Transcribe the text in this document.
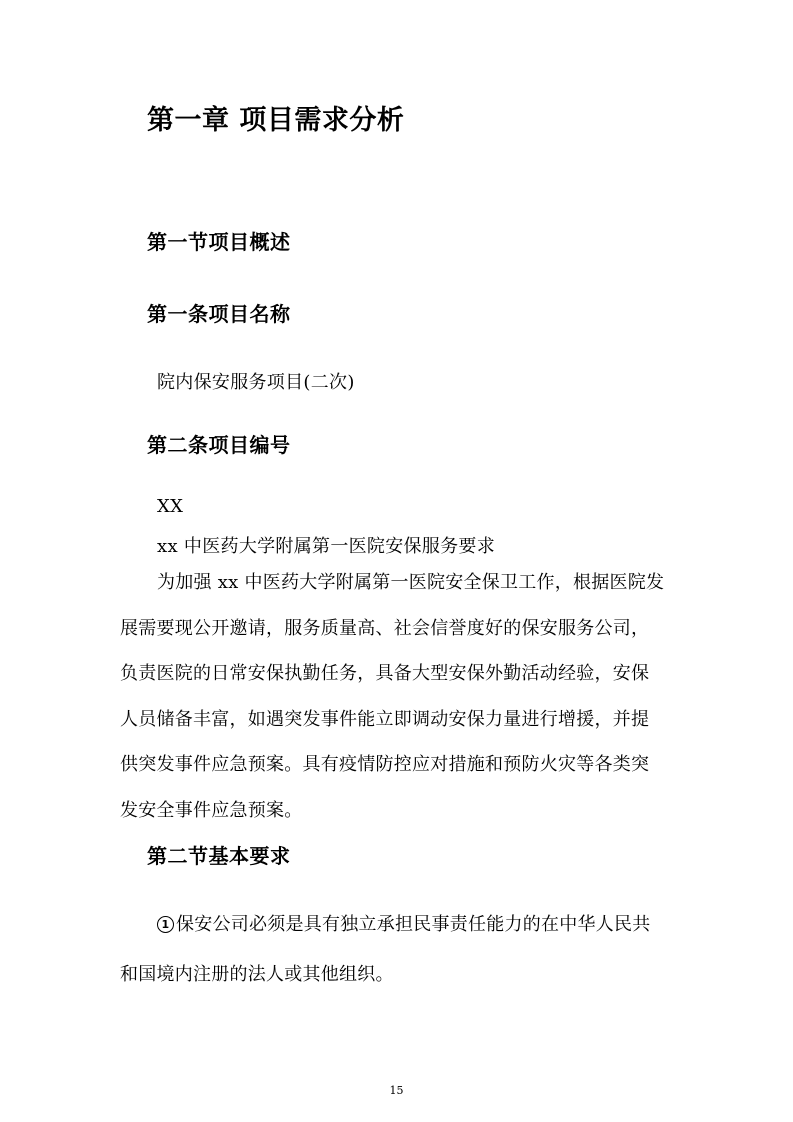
第一章 项目需求分析
第一节项目概述
第一条项目名称

院内保安服务项目(二次)

第二条项目编号

XX

xx 中医药大学附属第一医院安保服务要求

为加强 xx 中医药大学附属第一医院安全保卫工作，根据医院发
展需要现公开邀请，服务质量高、社会信誉度好的保安服务公司，
负责医院的日常安保执勤任务，具备大型安保外勤活动经验，安保
人员储备丰富，如遇突发事件能立即调动安保力量进行增援，并提
供突发事件应急预案。具有疫情防控应对措施和预防火灾等各类突
发安全事件应急预案。
第二节基本要求
1 保安公司必须是具有独立承担民事责任能力的在中华人民共
和国境内注册的法人或其他组织。
15
